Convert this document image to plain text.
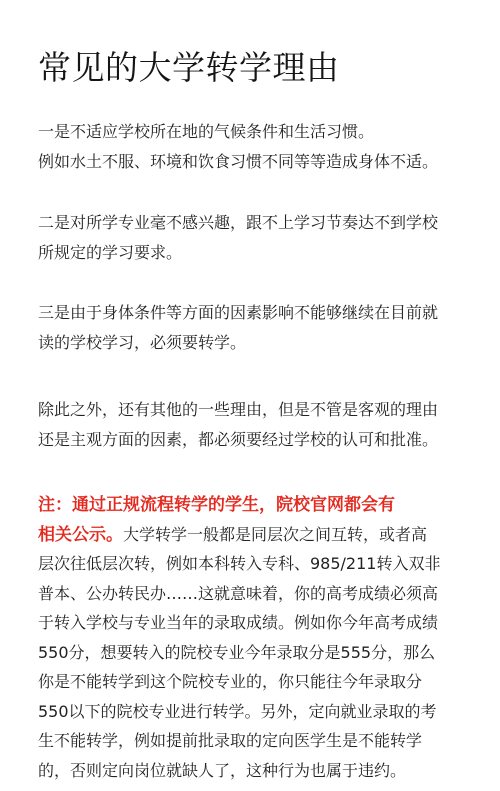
常见的大学转学理由

一是不适应学校所在地的气候条件和生活习惯。

例如水土不服、环境和饮食习惯不同等等造成身体不适。

二是对所学专业毫不感兴趣，跟不上学习节奏达不到学校
所规定的学习要求。

三是由于身体条件等方面的因素影响不能够继续在目前就
读的学校学习，必须要转学。

除此之外，还有其他的一些理由，但是不管是客观的理由
还是主观方面的因素，都必须要经过学校的认可和批准。

注：通过正规流程转学的学生，院校官网都会有
相关公示。大学转学一般都是同层次之间互转，或者高
层次往低层次转，例如本科转入专科、985/211转入双非
普本、公办转民办……这就意味着，你的高考成绩必须高
于转入学校与专业当年的录取成绩。例如你今年高考成绩
550分，想要转入的院校专业今年录取分是555分，那么
你是不能转学到这个院校专业的，你只能往今年录取分
550以下的院校专业进行转学。另外，定向就业录取的考
生不能转学，例如提前批录取的定向医学生是不能转学
的，否则定向岗位就缺人了，这种行为也属于违约。
